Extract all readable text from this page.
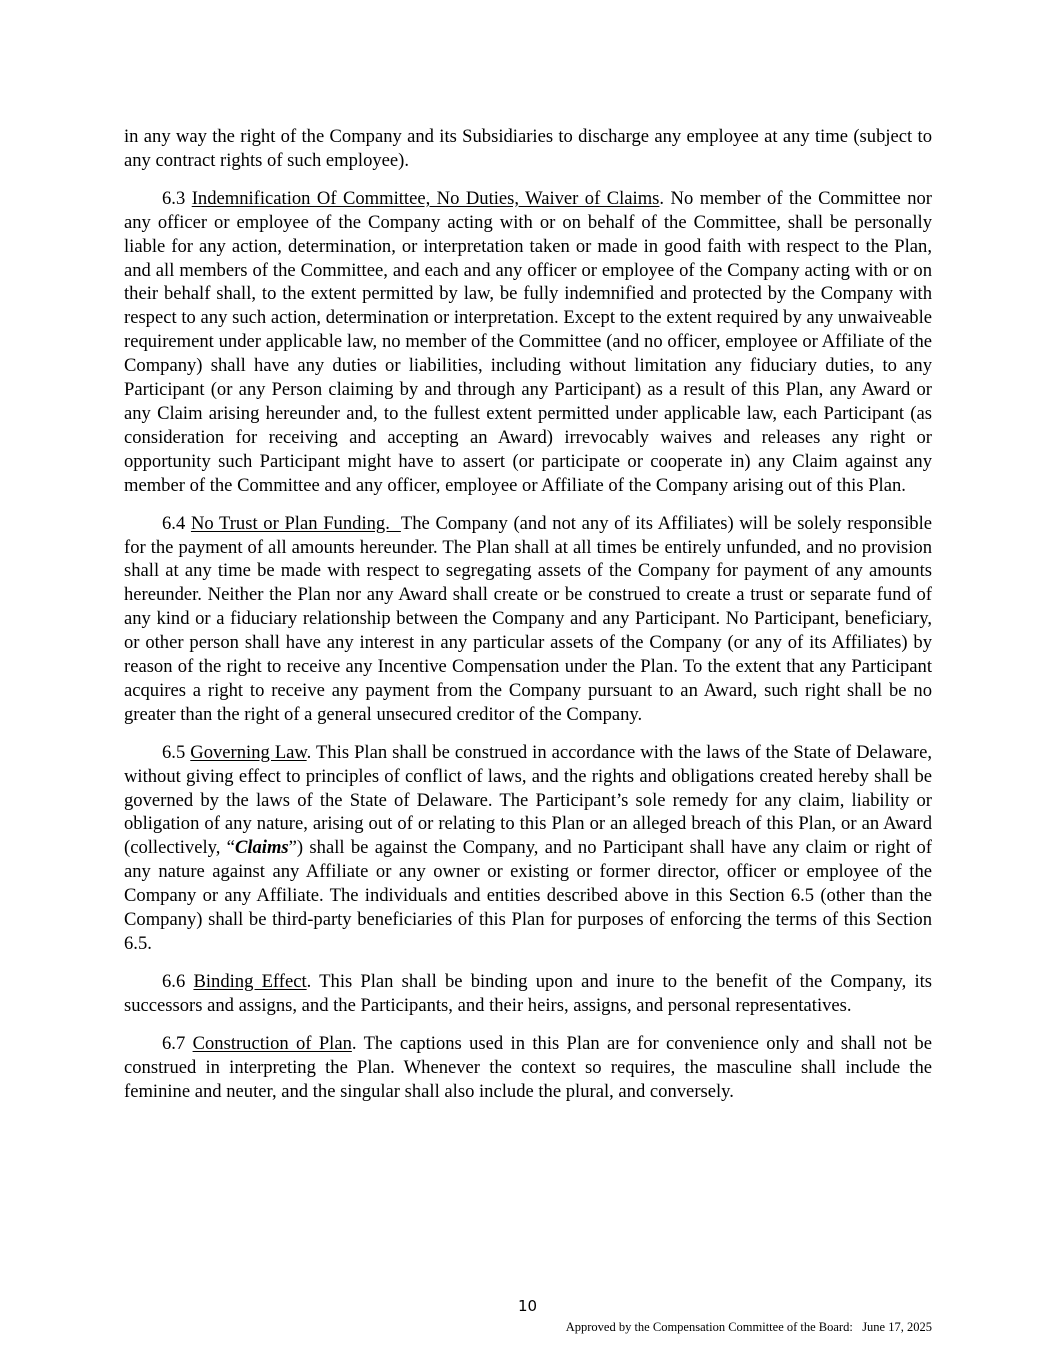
in any way the right of the Company and its Subsidiaries to discharge any employee at any time (subject to any contract rights of such employee).

6.3 Indemnification Of Committee, No Duties, Waiver of Claims. No member of the Committee nor any officer or employee of the Company acting with or on behalf of the Committee, shall be personally liable for any action, determination, or interpretation taken or made in good faith with respect to the Plan, and all members of the Committee, and each and any officer or employee of the Company acting with or on their behalf shall, to the extent permitted by law, be fully indemnified and protected by the Company with respect to any such action, determination or interpretation. Except to the extent required by any unwaiveable requirement under applicable law, no member of the Committee (and no officer, employee or Affiliate of the Company) shall have any duties or liabilities, including without limitation any fiduciary duties, to any Participant (or any Person claiming by and through any Participant) as a result of this Plan, any Award or any Claim arising hereunder and, to the fullest extent permitted under applicable law, each Participant (as consideration for receiving and accepting an Award) irrevocably waives and releases any right or opportunity such Participant might have to assert (or participate or cooperate in) any Claim against any member of the Committee and any officer, employee or Affiliate of the Company arising out of this Plan.

6.4 No Trust or Plan Funding.  The Company (and not any of its Affiliates) will be solely responsible for the payment of all amounts hereunder. The Plan shall at all times be entirely unfunded, and no provision shall at any time be made with respect to segregating assets of the Company for payment of any amounts hereunder. Neither the Plan nor any Award shall create or be construed to create a trust or separate fund of any kind or a fiduciary relationship between the Company and any Participant. No Participant, beneficiary, or other person shall have any interest in any particular assets of the Company (or any of its Affiliates) by reason of the right to receive any Incentive Compensation under the Plan. To the extent that any Participant acquires a right to receive any payment from the Company pursuant to an Award, such right shall be no greater than the right of a general unsecured creditor of the Company.

6.5 Governing Law. This Plan shall be construed in accordance with the laws of the State of Delaware, without giving effect to principles of conflict of laws, and the rights and obligations created hereby shall be governed by the laws of the State of Delaware. The Participant’s sole remedy for any claim, liability or obligation of any nature, arising out of or relating to this Plan or an alleged breach of this Plan, or an Award (collectively, “Claims”) shall be against the Company, and no Participant shall have any claim or right of any nature against any Affiliate or any owner or existing or former director, officer or employee of the Company or any Affiliate. The individuals and entities described above in this Section 6.5 (other than the Company) shall be third-party beneficiaries of this Plan for purposes of enforcing the terms of this Section 6.5.

6.6 Binding Effect. This Plan shall be binding upon and inure to the benefit of the Company, its successors and assigns, and the Participants, and their heirs, assigns, and personal representatives.

6.7 Construction of Plan. The captions used in this Plan are for convenience only and shall not be construed in interpreting the Plan. Whenever the context so requires, the masculine shall include the feminine and neuter, and the singular shall also include the plural, and conversely.

10
Approved by the Compensation Committee of the Board:   June 17, 2025
